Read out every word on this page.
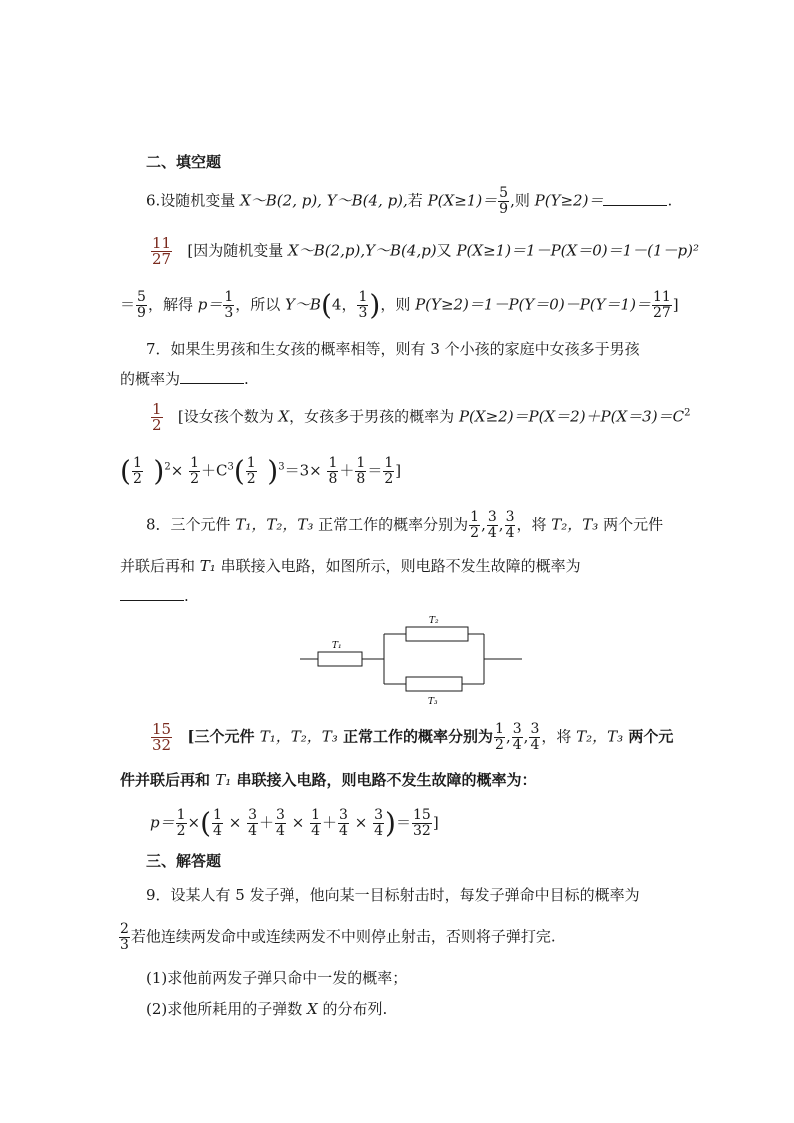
二、填空题
6.设随机变量 X～B(2, p), Y～B(4, p),若 $P(X\ge 1)= \frac{5}{9}$ ,则 P(Y≥2)＝	.
$\frac{11}{27}$ [因为随机变量 X～B(2,p),Y～B(4,p)又 P(X≥1)＝1－P(X＝0)＝1－(1－p)²
＝ $\frac{5}{9}$ ，解得 $p= \frac{1}{3}$ ，所以 Y～B(4， $\frac{1}{3}$ )，则 $P(Y\ge 2)=1-P(Y=0)-P(Y=1)= \frac{11}{27}$ ]
7．如果生男孩和生女孩的概率相等，则有 3 个小孩的家庭中女孩多于男孩
的概率为	.
$\frac{1}{2}$ [设女孩个数为 X，女孩多于男孩的概率为 $P(X\ge 2)=P(X=2)+P(X=3)=C^2$
( $\frac{1}{2} )^2\times \frac{1}{2} +C^3( \frac{1}{2} )^3=3\times \frac{1}{8} + \frac{1}{8} = \frac{1}{2}$ ]
8．三个元件 T₁，T₂，T₃ 正常工作的概率分别为 $\frac{1}{2}$ , $\frac{3}{4}$ , $\frac{3}{4}$ ，将 T₂，T₃ 两个元件
并联后再和 T₁ 串联接入电路，如图所示，则电路不发生故障的概率为
.
T₁
T₂
T₃
$\frac{15}{32}$ [三个元件 T₁，T₂，T₃ 正常工作的概率分别为 $\frac{1}{2}$ , $\frac{3}{4}$ , $\frac{3}{4}$ ，将 T₂，T₃ 两个元
件并联后再和 T₁ 串联接入电路，则电路不发生故障的概率为：
$p= \frac{1}{2}$ ×( $\frac{1}{4} \times \frac{3}{4} + \frac{3}{4} \times \frac{1}{4} + \frac{3}{4} \times \frac{3}{4}$ )＝ $\frac{15}{32}$ ]
三、解答题
9．设某人有 5 发子弹，他向某一目标射击时，每发子弹命中目标的概率为
$\frac{2}{3}$ 若他连续两发命中或连续两发不中则停止射击，否则将子弹打完.
(1)求他前两发子弹只命中一发的概率；
(2)求他所耗用的子弹数 X 的分布列.
